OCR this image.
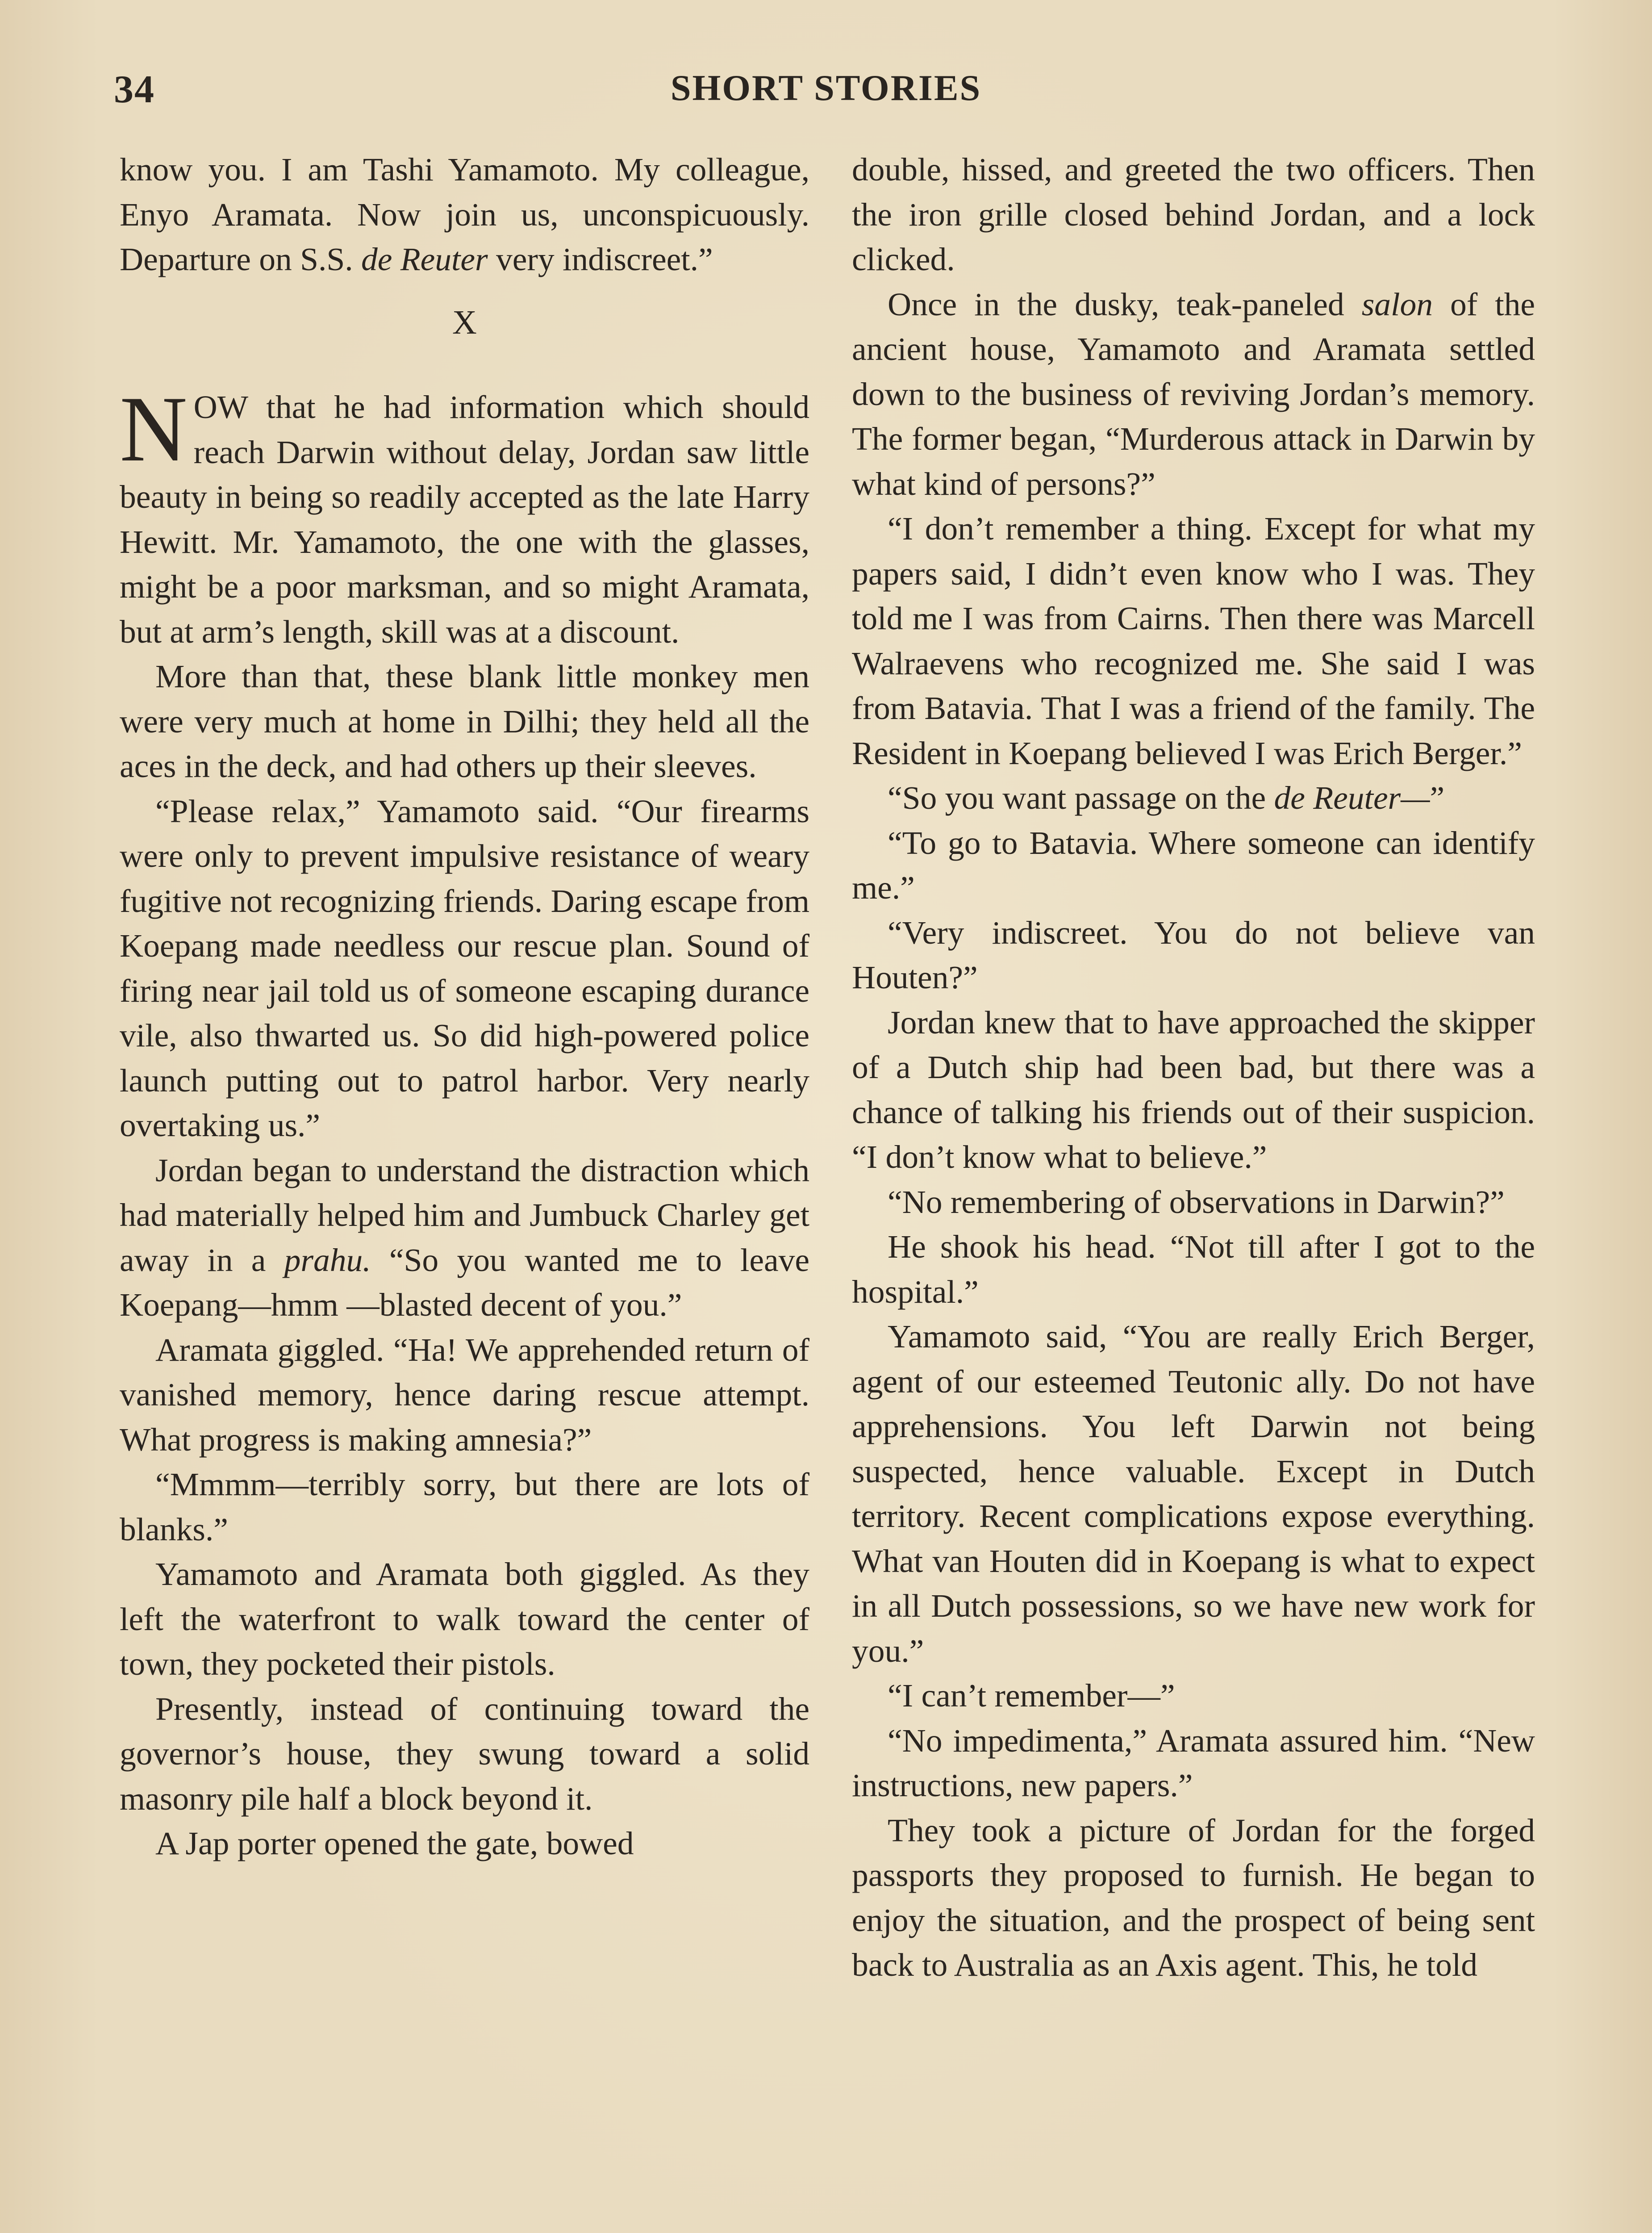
34	SHORT STORIES

know you. I am Tashi Yamamoto. My colleague, Enyo Aramata. Now join us, unconspicuously. Departure on S.S. de Reuter very indiscreet.”

X

NOW that he had information which should reach Darwin without delay, Jordan saw little beauty in being so readily accepted as the late Harry Hewitt. Mr. Yamamoto, the one with the glasses, might be a poor marksman, and so might Aramata, but at arm’s length, skill was at a discount.

More than that, these blank little monkey men were very much at home in Dilhi; they held all the aces in the deck, and had others up their sleeves.

“Please relax,” Yamamoto said. “Our firearms were only to prevent impulsive resistance of weary fugitive not recognizing friends. Daring escape from Koepang made needless our rescue plan. Sound of firing near jail told us of someone escaping durance vile, also thwarted us. So did high-powered police launch putting out to patrol harbor. Very nearly overtaking us.”

Jordan began to understand the distraction which had materially helped him and Jumbuck Charley get away in a prahu. “So you wanted me to leave Koepang—hmm —blasted decent of you.”

Aramata giggled. “Ha! We apprehended return of vanished memory, hence daring rescue attempt. What progress is making amnesia?”

“Mmmm—terribly sorry, but there are lots of blanks.”

Yamamoto and Aramata both giggled. As they left the waterfront to walk toward the center of town, they pocketed their pistols.

Presently, instead of continuing toward the governor’s house, they swung toward a solid masonry pile half a block beyond it.

A Jap porter opened the gate, bowed

double, hissed, and greeted the two officers. Then the iron grille closed behind Jordan, and a lock clicked.

Once in the dusky, teak-paneled salon of the ancient house, Yamamoto and Aramata settled down to the business of reviving Jordan’s memory. The former began, “Murderous attack in Darwin by what kind of persons?”

“I don’t remember a thing. Except for what my papers said, I didn’t even know who I was. They told me I was from Cairns. Then there was Marcell Walraevens who recognized me. She said I was from Batavia. That I was a friend of the family. The Resident in Koepang believed I was Erich Berger.”

“So you want passage on the de Reuter—”

“To go to Batavia. Where someone can identify me.”

“Very indiscreet. You do not believe van Houten?”

Jordan knew that to have approached the skipper of a Dutch ship had been bad, but there was a chance of talking his friends out of their suspicion. “I don’t know what to believe.”

“No remembering of observations in Darwin?”

He shook his head. “Not till after I got to the hospital.”

Yamamoto said, “You are really Erich Berger, agent of our esteemed Teutonic ally. Do not have apprehensions. You left Darwin not being suspected, hence valuable. Except in Dutch territory. Recent complications expose everything. What van Houten did in Koepang is what to expect in all Dutch possessions, so we have new work for you.”

“I can’t remember—”

“No impedimenta,” Aramata assured him. “New instructions, new papers.”

They took a picture of Jordan for the forged passports they proposed to furnish. He began to enjoy the situation, and the prospect of being sent back to Australia as an Axis agent. This, he told
